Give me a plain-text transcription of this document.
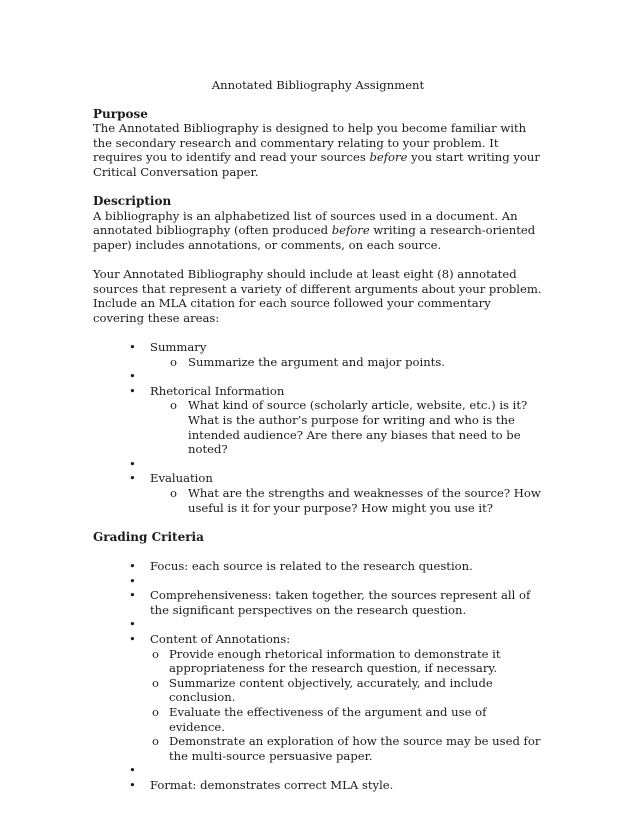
Annotated Bibliography Assignment
Purpose

The Annotated Bibliography is designed to help you become familiar with the secondary research and commentary relating to your problem. It requires you to identify and read your sources before you start writing your Critical Conversation paper.

Description

A bibliography is an alphabetized list of sources used in a document. An annotated bibliography (often produced before writing a research-oriented paper) includes annotations, or comments, on each source.

Your Annotated Bibliography should include at least eight (8) annotated sources that represent a variety of different arguments about your problem. Include an MLA citation for each source followed your commentary covering these areas:

• Summary
o Summarize the argument and major points.
•
• Rhetorical Information
o What kind of source (scholarly article, website, etc.) is it? What is the author’s purpose for writing and who is the intended audience? Are there any biases that need to be noted?
•
• Evaluation
o What are the strengths and weaknesses of the source? How useful is it for your purpose? How might you use it?
Grading Criteria
• Focus: each source is related to the research question.
•
• Comprehensiveness: taken together, the sources represent all of the significant perspectives on the research question.
•
• Content of Annotations:
o Provide enough rhetorical information to demonstrate it appropriateness for the research question, if necessary.
o Summarize content objectively, accurately, and include conclusion.
o Evaluate the effectiveness of the argument and use of evidence.
o Demonstrate an exploration of how the source may be used for the multi-source persuasive paper.
•
• Format: demonstrates correct MLA style.
